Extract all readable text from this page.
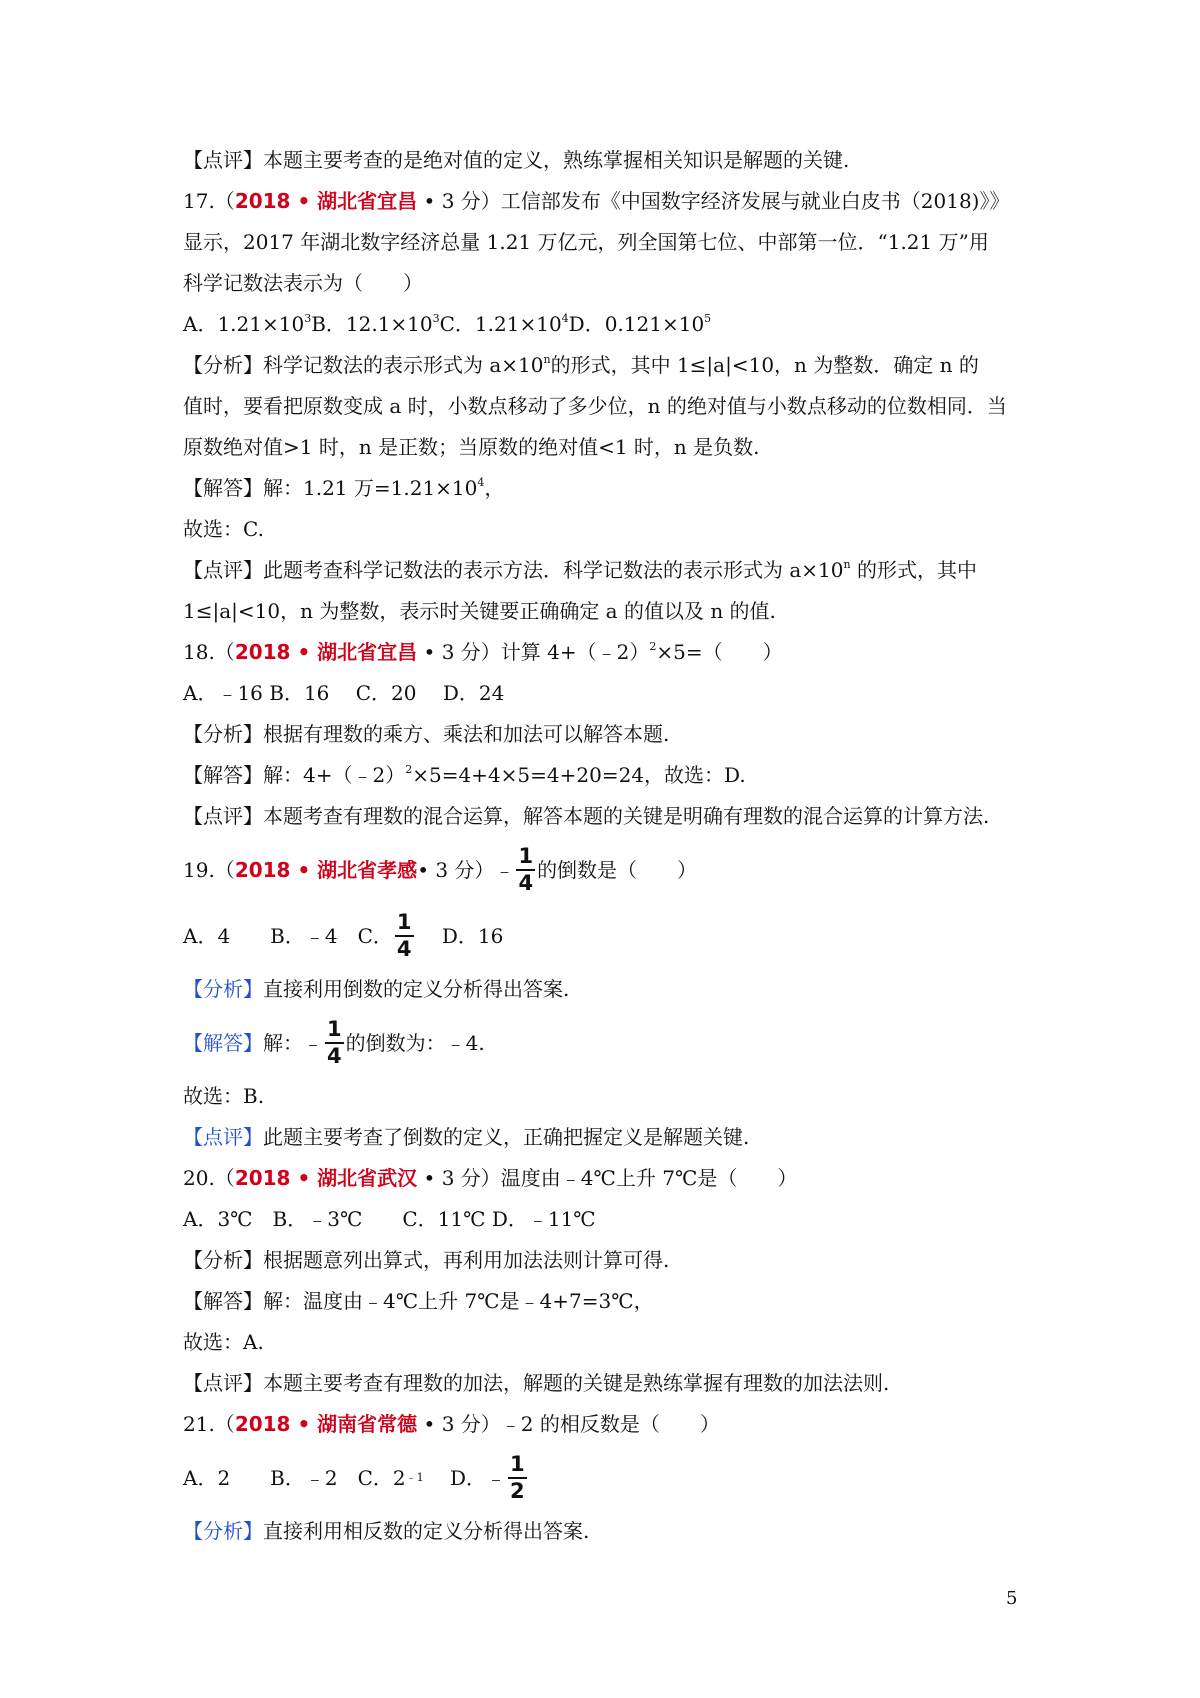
【点评】本题主要考查的是绝对值的定义，熟练掌握相关知识是解题的关键.
17.（2018 • 湖北省宜昌 • 3 分）工信部发布《中国数字经济发展与就业白皮书（2018)》》
显示，2017 年湖北数字经济总量 1.21 万亿元，列全国第七位、中部第一位．“1.21 万”用
科学记数法表示为（　　）
A．$1.21\times 10^3B$．$12.1\times 10^3C$．$1.21\times 10^4D$．$0.121\times 10^5$
【分析】科学记数法的表示形式为 $a\times 10^n$的形式，其中 1≤|a|<10，n 为整数．确定 n 的
值时，要看把原数变成 a 时，小数点移动了多少位，n 的绝对值与小数点移动的位数相同．当
原数绝对值>1 时，n 是正数；当原数的绝对值<1 时，n 是负数.
【解答】解：1.21 万$=1.21\times 10^4$，
故选：C.
【点评】此题考查科学记数法的表示方法．科学记数法的表示形式为 $a\times 10^n$ 的形式，其中
1≤|a|<10，n 为整数，表示时关键要正确确定 a 的值以及 n 的值.
18.（2018 • 湖北省宜昌 • 3 分）计算 4+（﹣2）$^2$×5=（　　）
A．﹣16 B．16　 C．20　 D．24
【分析】根据有理数的乘方、乘法和加法可以解答本题.
【解答】解：4+（﹣2）$^2$×5=4+4×5=4+20=24，故选：D.
【点评】本题考查有理数的混合运算，解答本题的关键是明确有理数的混合运算的计算方法.
19.（ 2018 • 湖北省孝感 • 3 分） ﹣ $\frac{1}{4}$ 的倒数是（　　）
A．4　　B．﹣4　C． $\frac{1}{4}$ 　 D．16
【分析】直接利用倒数的定义分析得出答案.
【解答】 解：﹣ $\frac{1}{4}$ 的倒数为：﹣4.
故选：B.
【点评】此题主要考查了倒数的定义，正确把握定义是解题关键.
20.（2018 • 湖北省武汉 • 3 分）温度由﹣4℃上升 7℃是（　　）
A．3℃　B．﹣3℃　　C．11℃ D．﹣11℃
【分析】根据题意列出算式，再利用加法法则计算可得.
【解答】解：温度由﹣4℃上升 7℃是﹣4+7=3℃，
故选：A.
【点评】本题主要考查有理数的加法，解题的关键是熟练掌握有理数的加法法则.
21.（2018 • 湖南省常德 • 3 分）﹣2 的相反数是（　　）
A．2　　B．﹣2　C．2 ﹣1 　 D．﹣ $\frac{1}{2}$
【分析】直接利用相反数的定义分析得出答案.
5
